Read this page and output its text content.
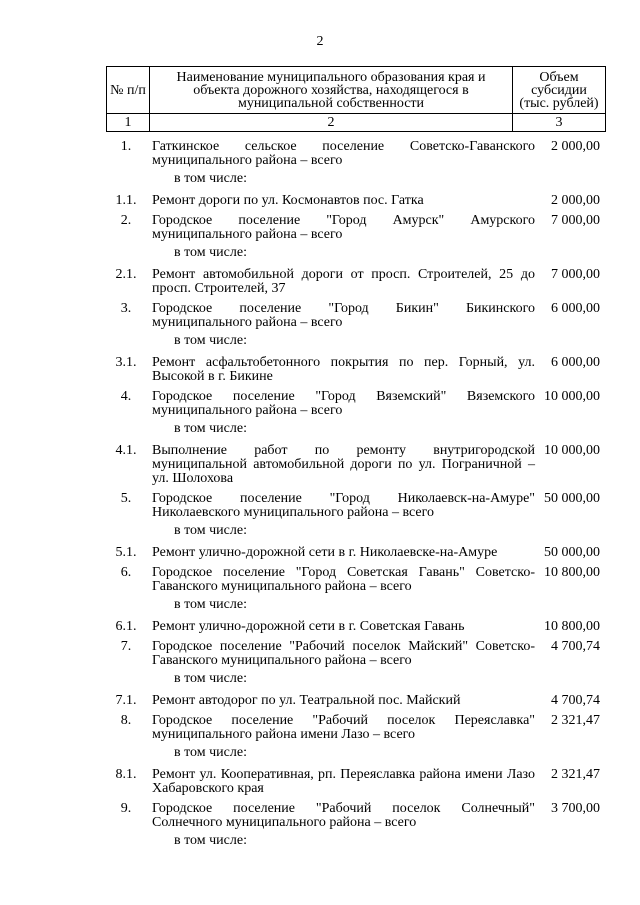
2
№ п/п	Наименование муниципального образования края и объекта дорожного хозяйства, находящегося в муниципальной собственности	Объем субсидии (тыс. рублей)
1	2	3
1.	Гаткинское сельское поселение Советско-Гаванского муниципального района – всего	2 000,00
	в том числе:	
1.1.	Ремонт дороги по ул. Космонавтов пос. Гатка	2 000,00
2.	Городское поселение "Город Амурск" Амурского муниципального района – всего	7 000,00
	в том числе:	
2.1.	Ремонт автомобильной дороги от просп. Строителей, 25 до просп. Строителей, 37	7 000,00
3.	Городское поселение "Город Бикин" Бикинского муниципального района – всего	6 000,00
	в том числе:	
3.1.	Ремонт асфальтобетонного покрытия по пер. Горный, ул. Высокой в г. Бикине	6 000,00
4.	Городское поселение "Город Вяземский" Вяземского муниципального района – всего	10 000,00
	в том числе:	
4.1.	Выполнение работ по ремонту внутригородской муниципальной автомобильной дороги по ул. Пограничной – ул. Шолохова	10 000,00
5.	Городское поселение "Город Николаевск-на-Амуре" Николаевского муниципального района – всего	50 000,00
	в том числе:	
5.1.	Ремонт улично-дорожной сети в г. Николаевске-на-Амуре	50 000,00
6.	Городское поселение "Город Советская Гавань" Советско-Гаванского муниципального района – всего	10 800,00
	в том числе:	
6.1.	Ремонт улично-дорожной сети в г. Советская Гавань	10 800,00
7.	Городское поселение "Рабочий поселок Майский" Советско-Гаванского муниципального района – всего	4 700,74
	в том числе:	
7.1.	Ремонт автодорог по ул. Театральной пос. Майский	4 700,74
8.	Городское поселение "Рабочий поселок Переяславка" муниципального района имени Лазо – всего	2 321,47
	в том числе:	
8.1.	Ремонт ул. Кооперативная, рп. Переяславка района имени Лазо Хабаровского края	2 321,47
9.	Городское поселение "Рабочий поселок Солнечный" Солнечного муниципального района – всего	3 700,00
	в том числе:	
